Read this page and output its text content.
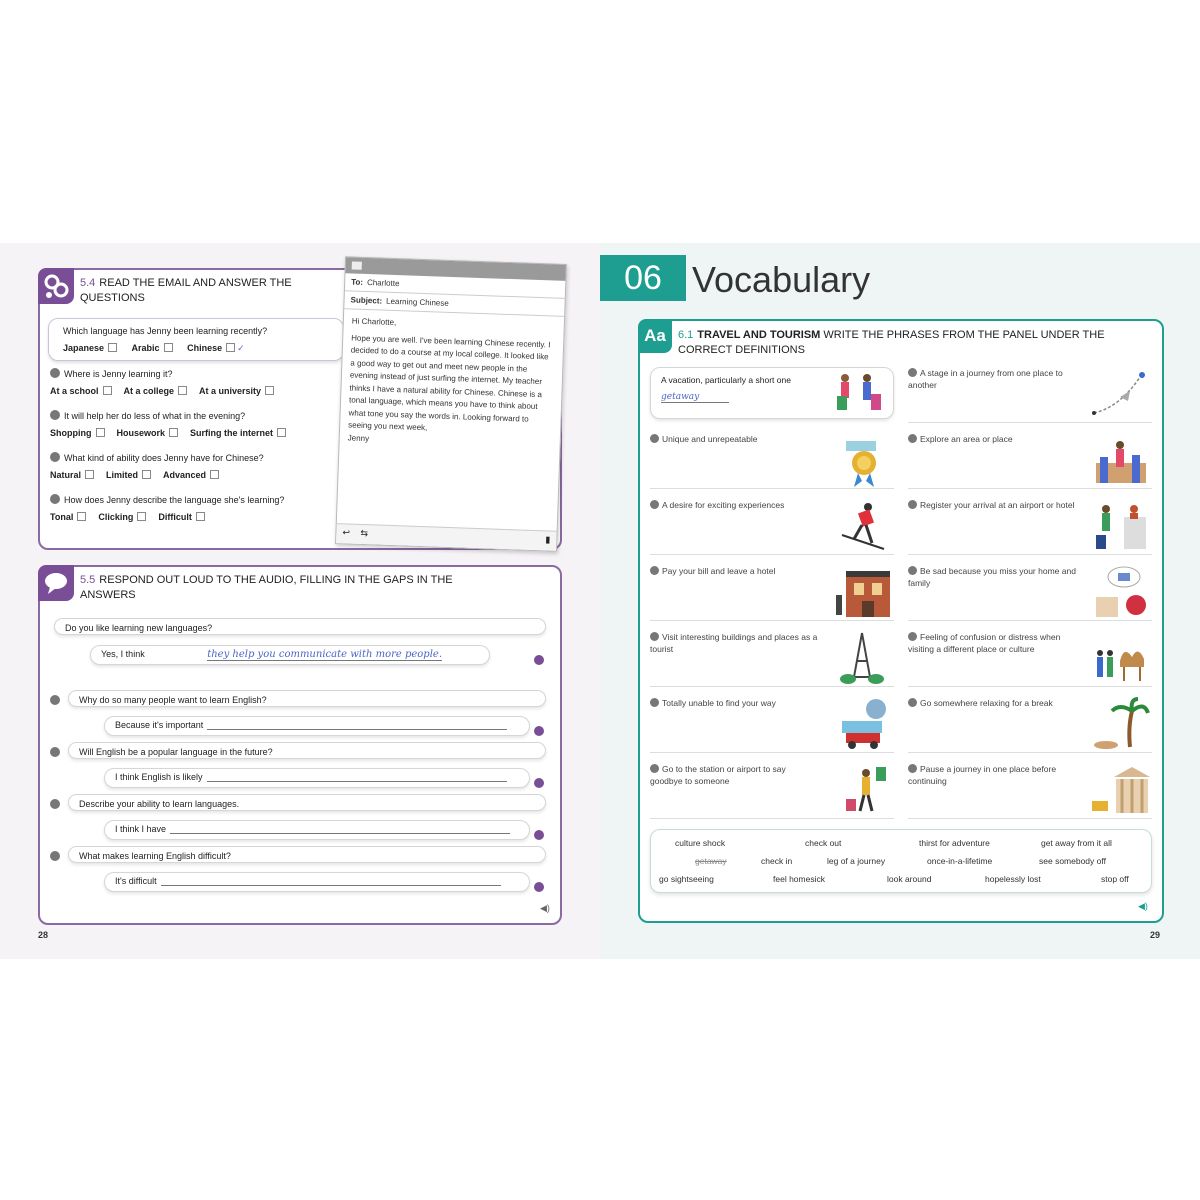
5.4 READ THE EMAIL AND ANSWER THE QUESTIONS
Which language has Jenny been learning recently?
Japanese	Arabic	Chinese ✓
Where is Jenny learning it?
At a school	At a college	At a university
It will help her do less of what in the evening?
Shopping	Housework	Surfing the internet
What kind of ability does Jenny have for Chinese?
Natural	Limited	Advanced
How does Jenny describe the language she's learning?
Tonal	Clicking	Difficult
To: Charlotte
Subject: Learning Chinese
Hi Charlotte,
Hope you are well. I've been learning Chinese recently. I decided to do a course at my local college. It looked like a good way to get out and meet new people in the evening instead of just surfing the internet. My teacher thinks I have a natural ability for Chinese. Chinese is a tonal language, which means you have to think about what tone you say the words in. Looking forward to seeing you next week,
Jenny
↩ ⇆
▮
5.5 RESPOND OUT LOUD TO THE AUDIO, FILLING IN THE GAPS IN THE ANSWERS
Do you like learning new languages?
Yes, I think	they help you communicate with more people.
Why do so many people want to learn English?
Because it's important
Will English be a popular language in the future?
I think English is likely
Describe your ability to learn languages.
I think I have
What makes learning English difficult?
It's difficult
◀)
28
06 Vocabulary
Aa	6.1 TRAVEL AND TOURISM WRITE THE PHRASES FROM THE PANEL UNDER THE CORRECT DEFINITIONS
A vacation, particularly a short one
getaway
Unique and unrepeatable
A desire for exciting experiences
Pay your bill and leave a hotel
Visit interesting buildings and places as a tourist
Totally unable to find your way
Go to the station or airport to say goodbye to someone
A stage in a journey from one place to another
Explore an area or place
Register your arrival at an airport or hotel
Be sad because you miss your home and family
Feeling of confusion or distress when visiting a different place or culture
Go somewhere relaxing for a break
Pause a journey in one place before continuing
culture shock	check out	thirst for adventure	get away from it all
getaway	check in	leg of a journey	once-in-a-lifetime	see somebody off
go sightseeing	feel homesick	look around	hopelessly lost	stop off
◀)
29
